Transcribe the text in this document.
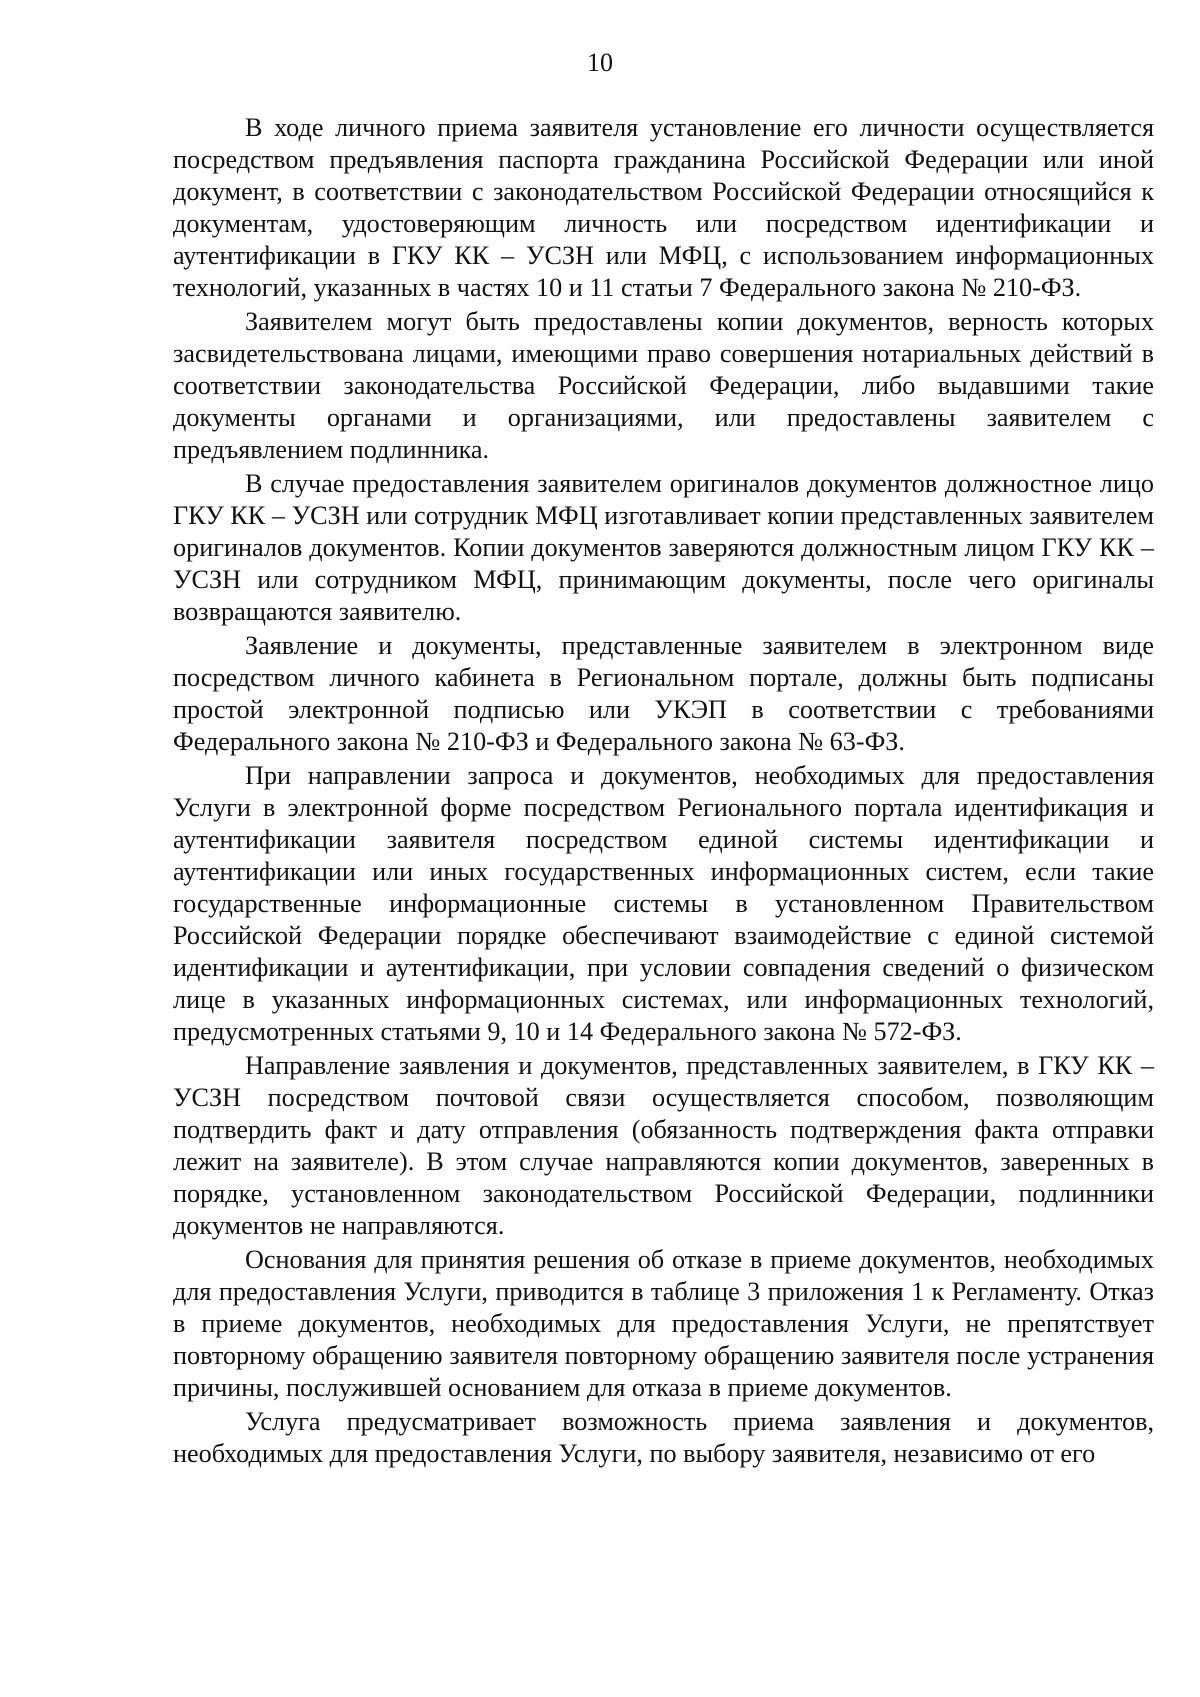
10

В ходе личного приема заявителя установление его личности осуществляется посредством предъявления паспорта гражданина Российской Федерации или иной документ, в соответствии с законодательством Российской Федерации относящийся к документам, удостоверяющим личность или посредством идентификации и аутентификации в ГКУ КК – УСЗН или МФЦ, с использованием информационных технологий, указанных в частях 10 и 11 статьи 7 Федерального закона № 210-ФЗ.

Заявителем могут быть предоставлены копии документов, верность которых засвидетельствована лицами, имеющими право совершения нотариальных действий в соответствии законодательства Российской Федерации, либо выдавшими такие документы органами и организациями, или предоставлены заявителем с предъявлением подлинника.

В случае предоставления заявителем оригиналов документов должностное лицо ГКУ КК – УСЗН или сотрудник МФЦ изготавливает копии представленных заявителем оригиналов документов. Копии документов заверяются должностным лицом ГКУ КК – УСЗН или сотрудником МФЦ, принимающим документы, после чего оригиналы возвращаются заявителю.

Заявление и документы, представленные заявителем в электронном виде посредством личного кабинета в Региональном портале, должны быть подписаны простой электронной подписью или УКЭП в соответствии с требованиями Федерального закона № 210-ФЗ и Федерального закона № 63-ФЗ.

При направлении запроса и документов, необходимых для предоставления Услуги в электронной форме посредством Регионального портала идентификация и аутентификации заявителя посредством единой системы идентификации и аутентификации или иных государственных информационных систем, если такие государственные информационные системы в установленном Правительством Российской Федерации порядке обеспечивают взаимодействие с единой системой идентификации и аутентификации, при условии совпадения сведений о физическом лице в указанных информационных системах, или информационных технологий, предусмотренных статьями 9, 10 и 14 Федерального закона № 572-ФЗ.

Направление заявления и документов, представленных заявителем, в ГКУ КК – УСЗН посредством почтовой связи осуществляется способом, позволяющим подтвердить факт и дату отправления (обязанность подтверждения факта отправки лежит на заявителе). В этом случае направляются копии документов, заверенных в порядке, установленном законодательством Российской Федерации, подлинники документов не направляются.

Основания для принятия решения об отказе в приеме документов, необходимых для предоставления Услуги, приводится в таблице 3 приложения 1 к Регламенту. Отказ в приеме документов, необходимых для предоставления Услуги, не препятствует повторному обращению заявителя повторному обращению заявителя после устранения причины, послужившей основанием для отказа в приеме документов.

Услуга предусматривает возможность приема заявления и документов, необходимых для предоставления Услуги, по выбору заявителя, независимо от его
